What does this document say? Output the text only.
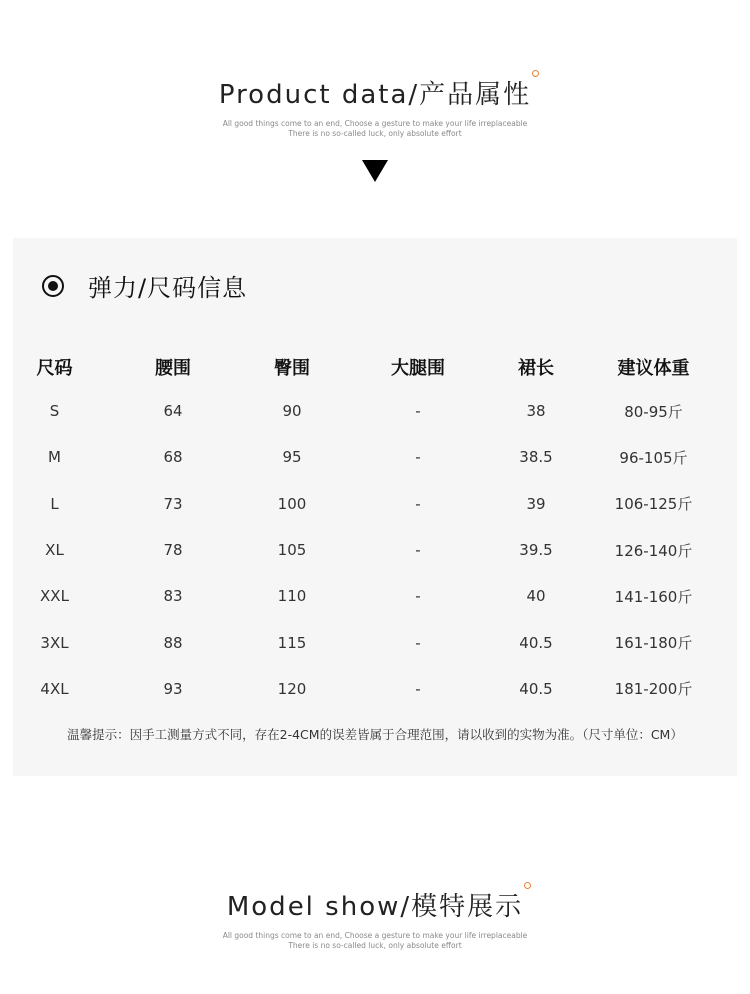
Product data/产品属性
All good things come to an end, Choose a gesture to make your life irreplaceable
There is no so-called luck, only absolute effort
弹力/尺码信息
尺码	腰围	臀围	大腿围	裙长	建议体重
S	64	90	-	38	80-95斤
M	68	95	-	38.5	96-105斤
L	73	100	-	39	106-125斤
XL	78	105	-	39.5	126-140斤
XXL	83	110	-	40	141-160斤
3XL	88	115	-	40.5	161-180斤
4XL	93	120	-	40.5	181-200斤
温馨提示：因手工测量方式不同，存在2-4CM的误差皆属于合理范围，请以收到的实物为准。（尺寸单位：CM）
Model show/模特展示
All good things come to an end, Choose a gesture to make your life irreplaceable
There is no so-called luck, only absolute effort
